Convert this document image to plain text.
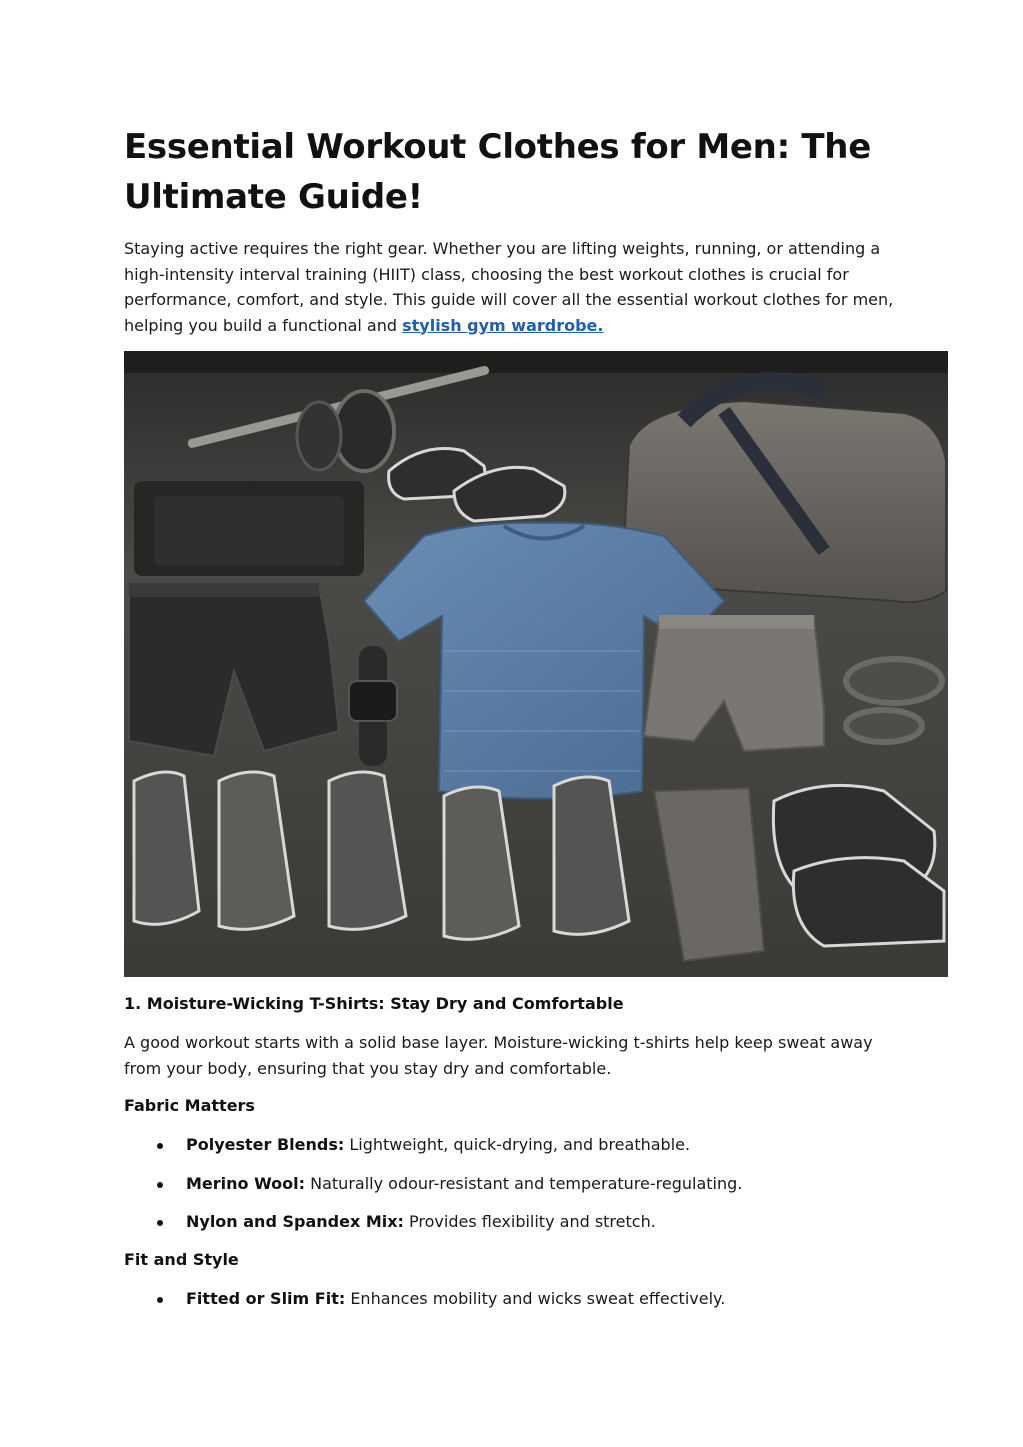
Essential Workout Clothes for Men: The Ultimate Guide!

Staying active requires the right gear. Whether you are lifting weights, running, or attending a high-intensity interval training (HIIT) class, choosing the best workout clothes is crucial for performance, comfort, and style. This guide will cover all the essential workout clothes for men, helping you build a functional and stylish gym wardrobe.

1. Moisture-Wicking T-Shirts: Stay Dry and Comfortable

A good workout starts with a solid base layer. Moisture-wicking t-shirts help keep sweat away from your body, ensuring that you stay dry and comfortable.

Fabric Matters
Polyester Blends: Lightweight, quick-drying, and breathable.
Merino Wool: Naturally odour-resistant and temperature-regulating.
Nylon and Spandex Mix: Provides flexibility and stretch.
Fit and Style
Fitted or Slim Fit: Enhances mobility and wicks sweat effectively.
